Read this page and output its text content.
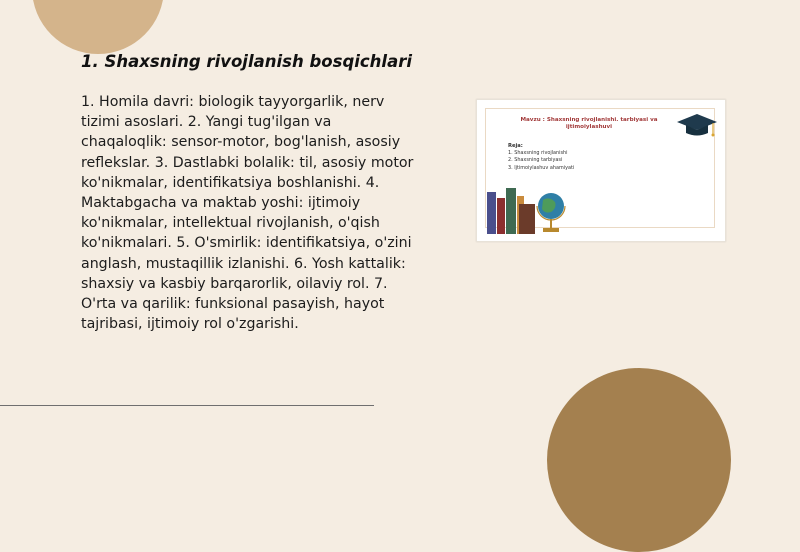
1. Shaxsning rivojlanish bosqichlari

1. Homila davri: biologik tayyorgarlik, nerv tizimi asoslari. 2. Yangi tug'ilgan va chaqaloqlik: sensor-motor, bog'lanish, asosiy reflekslar. 3. Dastlabki bolalik: til, asosiy motor ko'nikmalar, identifikatsiya boshlanishi. 4. Maktabgacha va maktab yoshi: ijtimoiy ko'nikmalar, intellektual rivojlanish, o'qish ko'nikmalari. 5. O'smirlik: identifikatsiya, o'zini anglash, mustaqillik izlanishi. 6. Yosh kattalik: shaxsiy va kasbiy barqarorlik, oilaviy rol. 7. O'rta va qarilik: funksional pasayish, hayot tajribasi, ijtimoiy rol o'zgarishi.

Mavzu : Shaxsning rivojlanishi. tarbiyasi va ijtimoiylashuvi

Reja:
1. Shaxsning rivojlanishi
2. Shaxsning tarbiyasi
3. Ijtimoiylashuv ahamiyati
